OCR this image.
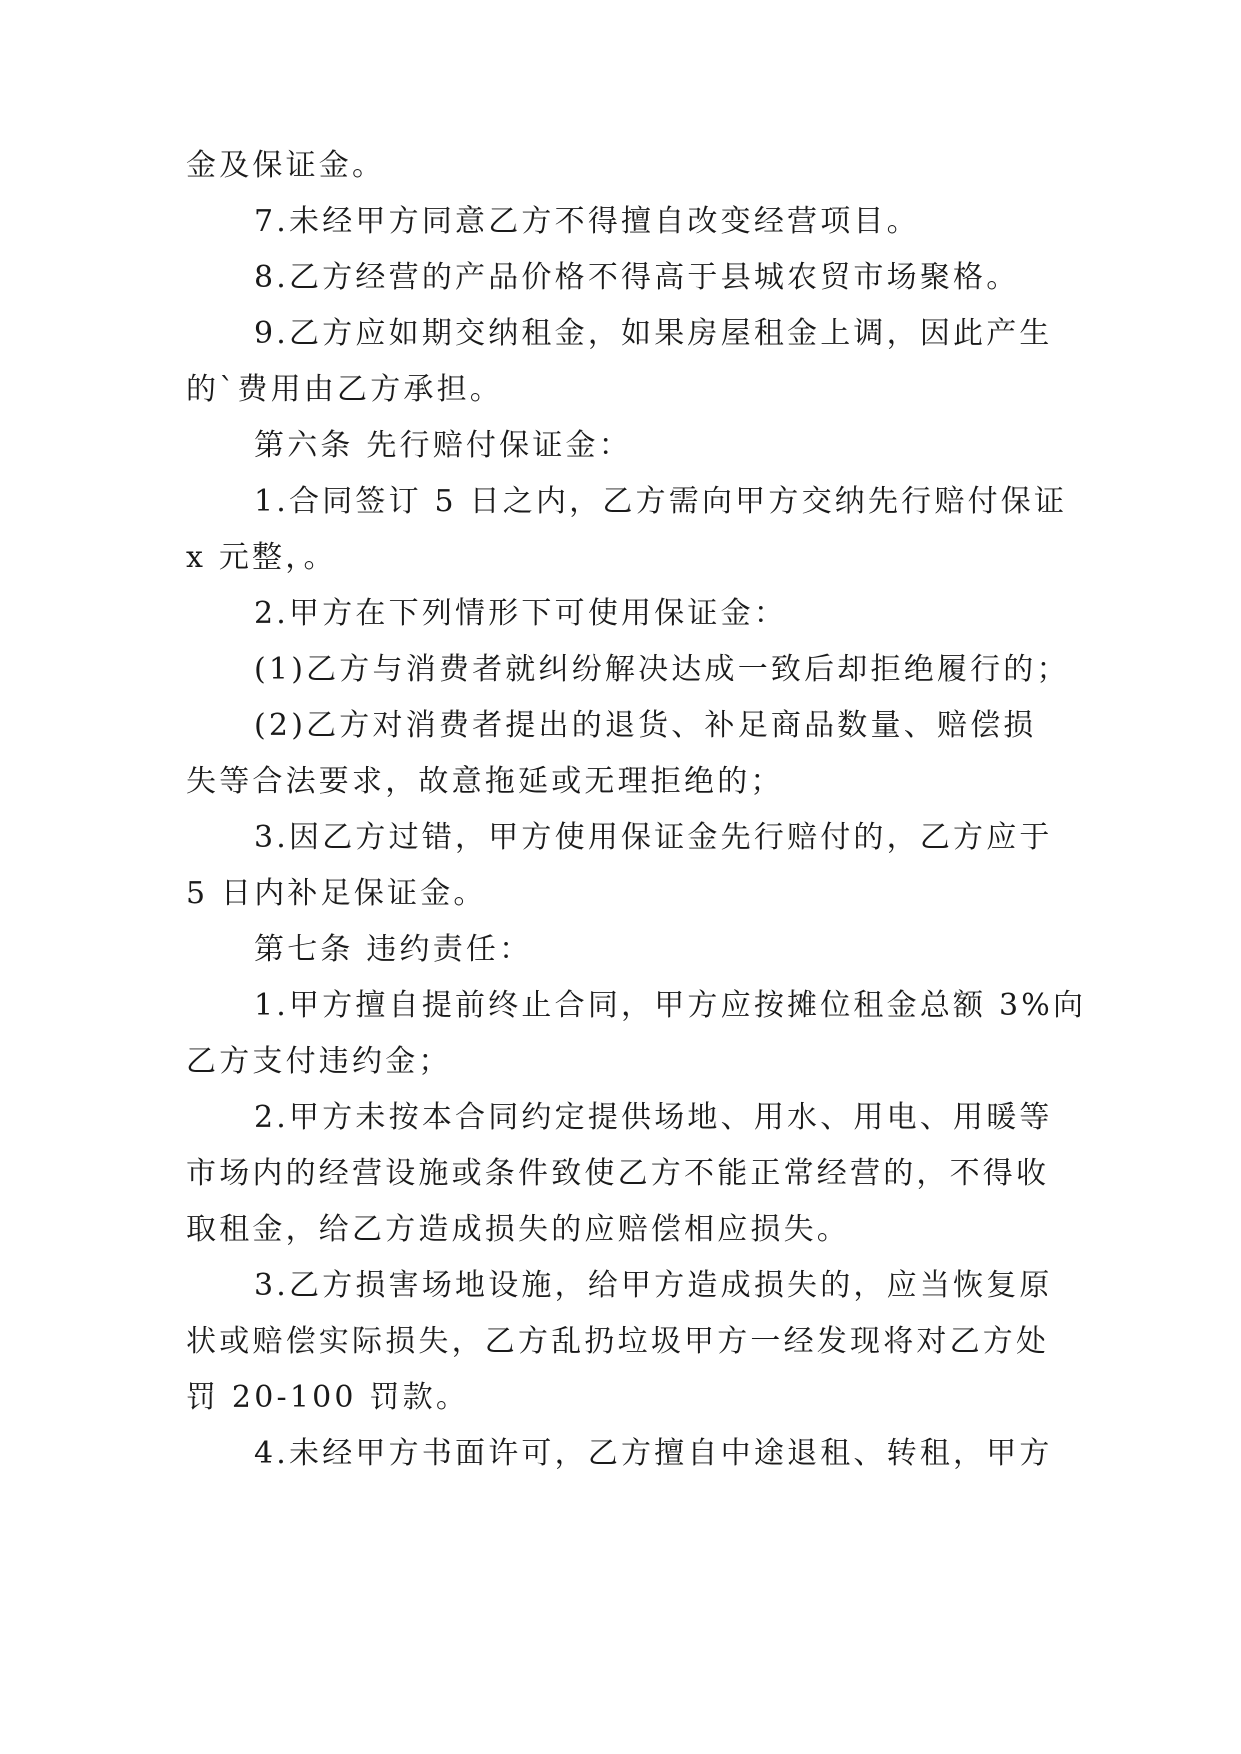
金及保证金。
7.未经甲方同意乙方不得擅自改变经营项目。
8.乙方经营的产品价格不得高于县城农贸市场聚格。
9.乙方应如期交纳租金，如果房屋租金上调，因此产生
的`费用由乙方承担。
第六条 先行赔付保证金：
1.合同签订 5 日之内，乙方需向甲方交纳先行赔付保证
x 元整，。
2.甲方在下列情形下可使用保证金：
(1)乙方与消费者就纠纷解决达成一致后却拒绝履行的；
(2)乙方对消费者提出的退货、补足商品数量、赔偿损
失等合法要求，故意拖延或无理拒绝的；
3.因乙方过错，甲方使用保证金先行赔付的，乙方应于
5 日内补足保证金。
第七条 违约责任：
1.甲方擅自提前终止合同，甲方应按摊位租金总额 3%向
乙方支付违约金；
2.甲方未按本合同约定提供场地、用水、用电、用暖等
市场内的经营设施或条件致使乙方不能正常经营的，不得收
取租金，给乙方造成损失的应赔偿相应损失。
3.乙方损害场地设施，给甲方造成损失的，应当恢复原
状或赔偿实际损失，乙方乱扔垃圾甲方一经发现将对乙方处
罚 20-100 罚款。
4.未经甲方书面许可，乙方擅自中途退租、转租，甲方
